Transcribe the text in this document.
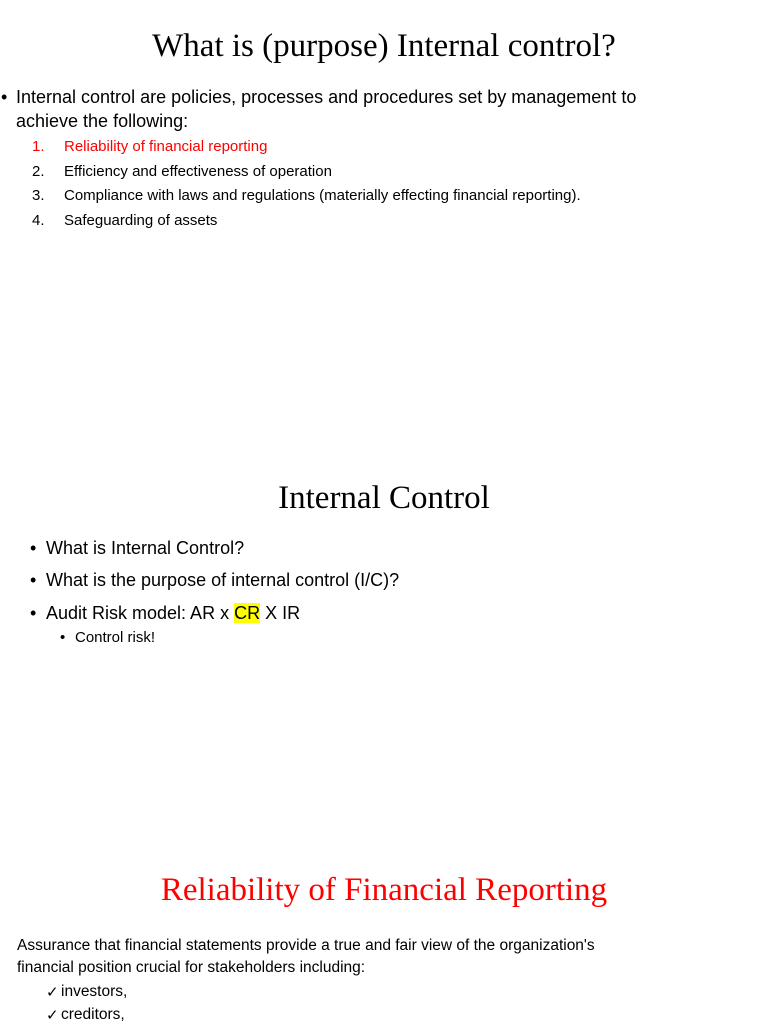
What is (purpose) Internal control?
• Internal control are policies, processes and procedures set by management to
achieve the following:
1. Reliability of financial reporting
2. Efficiency and effectiveness of operation
3. Compliance with laws and regulations (materially effecting financial reporting).
4. Safeguarding of assets
Internal Control
• What is Internal Control?
• What is the purpose of internal control (I/C)?
• Audit Risk model: AR x CR X IR
• Control risk!
Reliability of Financial Reporting
Assurance that financial statements provide a true and fair view of the organization's
financial position crucial for stakeholders including:
✓ investors,
✓ creditors,
